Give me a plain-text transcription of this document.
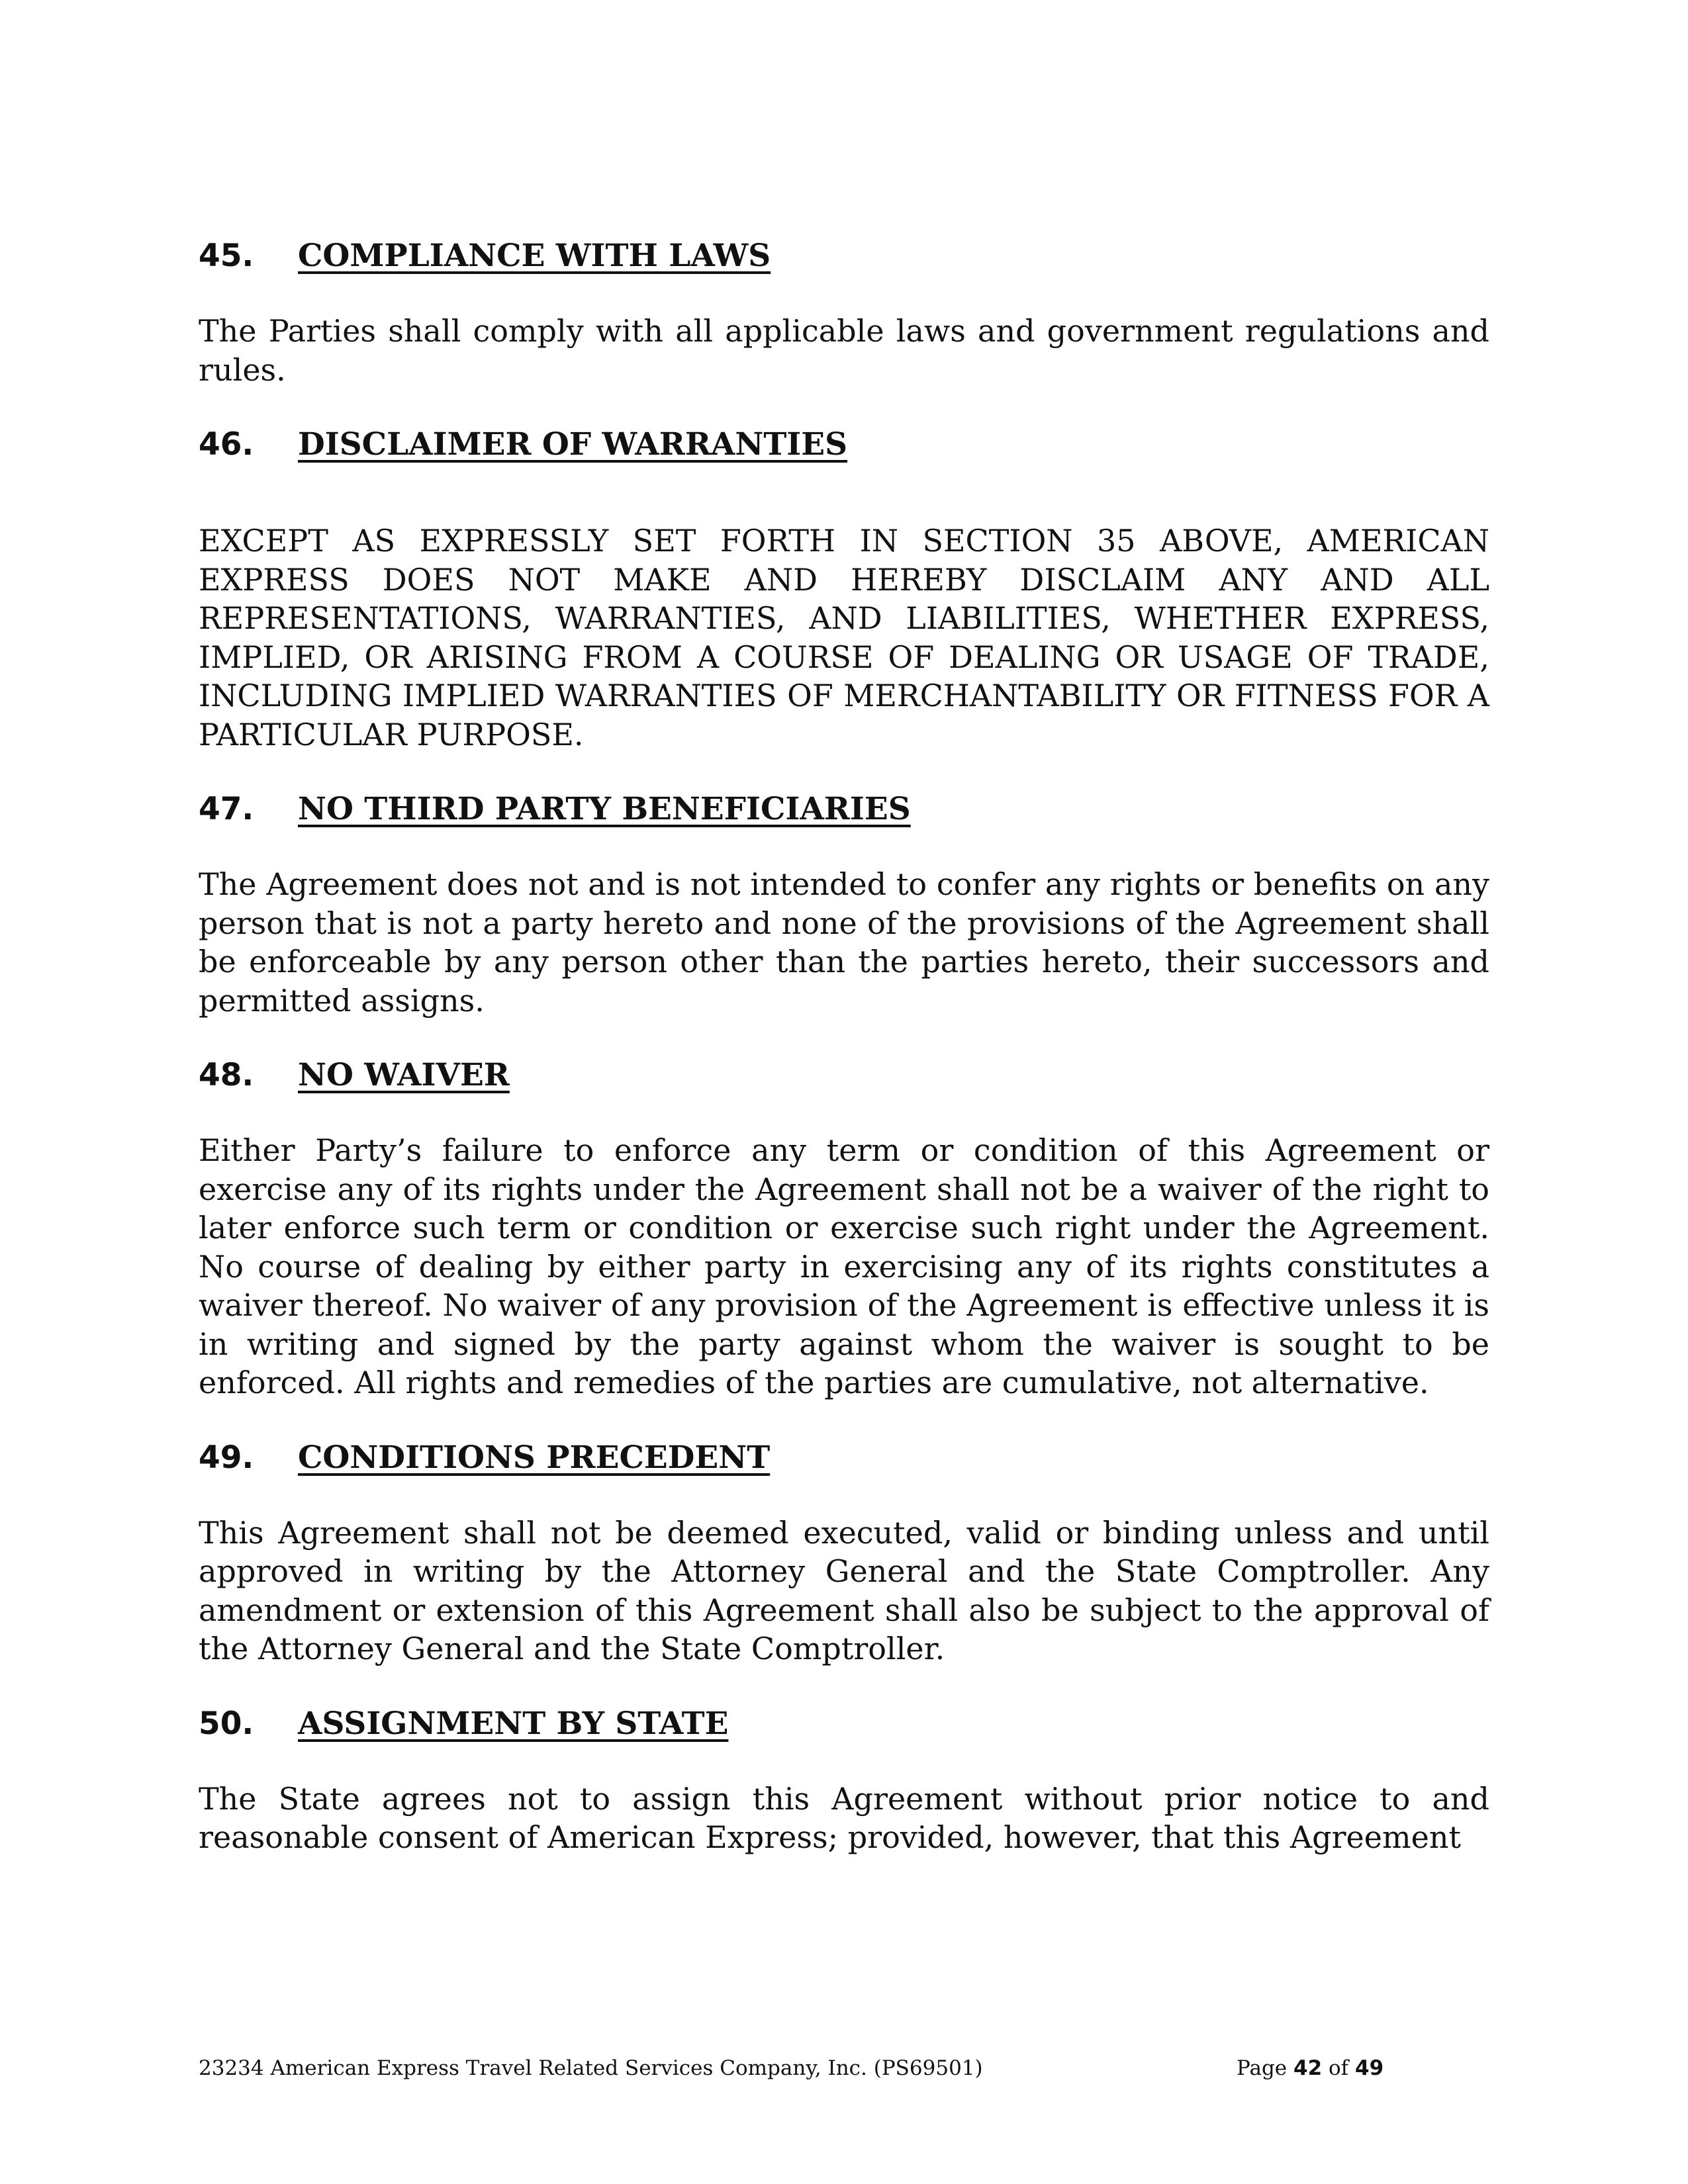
45.	COMPLIANCE WITH LAWS

The Parties shall comply with all applicable laws and government regulations and rules.

46.	DISCLAIMER OF WARRANTIES

EXCEPT AS EXPRESSLY SET FORTH IN SECTION 35 ABOVE, AMERICAN EXPRESS DOES NOT MAKE AND HEREBY DISCLAIM ANY AND ALL REPRESENTATIONS, WARRANTIES, AND LIABILITIES, WHETHER EXPRESS, IMPLIED, OR ARISING FROM A COURSE OF DEALING OR USAGE OF TRADE, INCLUDING IMPLIED WARRANTIES OF MERCHANTABILITY OR FITNESS FOR A PARTICULAR PURPOSE.

47.	NO THIRD PARTY BENEFICIARIES

The Agreement does not and is not intended to confer any rights or benefits on any person that is not a party hereto and none of the provisions of the Agreement shall be enforceable by any person other than the parties hereto, their successors and permitted assigns.

48.	NO WAIVER

Either Party’s failure to enforce any term or condition of this Agreement or exercise any of its rights under the Agreement shall not be a waiver of the right to later enforce such term or condition or exercise such right under the Agreement. No course of dealing by either party in exercising any of its rights constitutes a waiver thereof. No waiver of any provision of the Agreement is effective unless it is in writing and signed by the party against whom the waiver is sought to be enforced. All rights and remedies of the parties are cumulative, not alternative.

49.	CONDITIONS PRECEDENT

This Agreement shall not be deemed executed, valid or binding unless and until approved in writing by the Attorney General and the State Comptroller. Any amendment or extension of this Agreement shall also be subject to the approval of the Attorney General and the State Comptroller.

50.	ASSIGNMENT BY STATE

The State agrees not to assign this Agreement without prior notice to and reasonable consent of American Express; provided, however, that this Agreement

23234 American Express Travel Related Services Company, Inc. (PS69501)	Page 42 of 49
